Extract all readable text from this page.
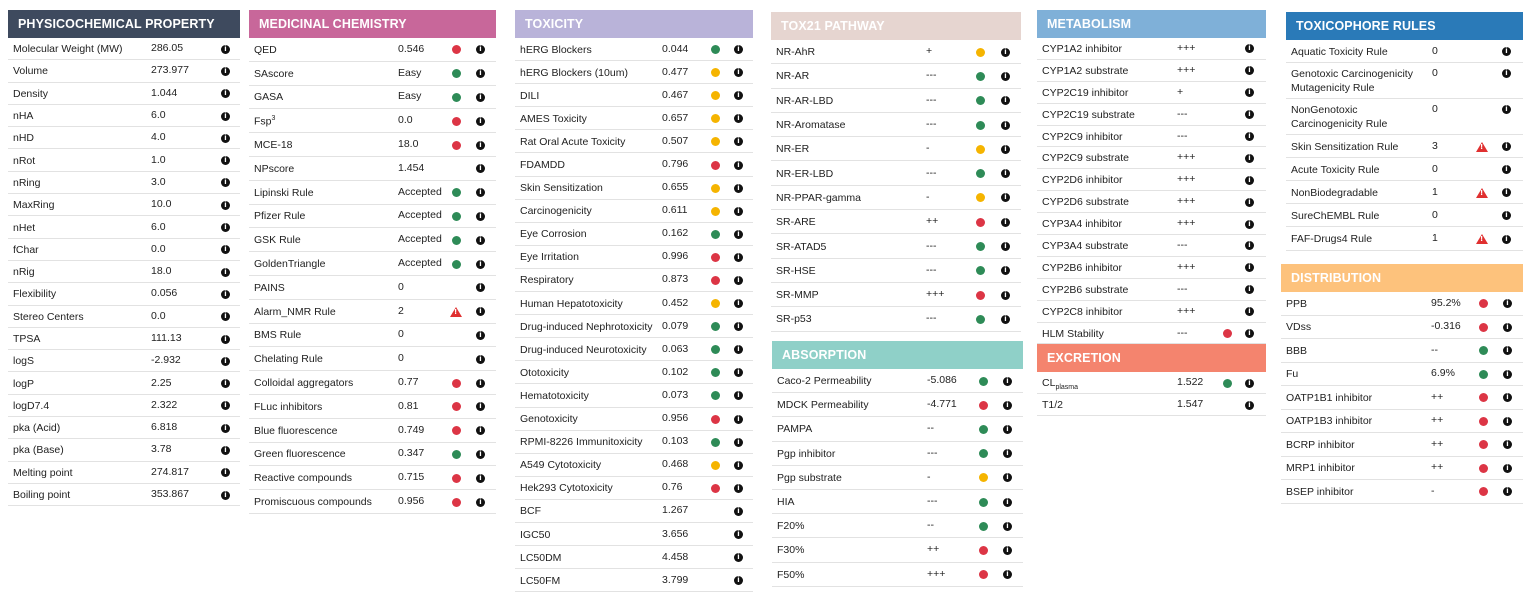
PHYSICOCHEMICAL PROPERTY
Molecular Weight (MW)	286.05	i
Volume	273.977	i
Density	1.044	i
nHA	6.0	i
nHD	4.0	i
nRot	1.0	i
nRing	3.0	i
MaxRing	10.0	i
nHet	6.0	i
fChar	0.0	i
nRig	18.0	i
Flexibility	0.056	i
Stereo Centers	0.0	i
TPSA	111.13	i
logS	-2.932	i
logP	2.25	i
logD7.4	2.322	i
pka (Acid)	6.818	i
pka (Base)	3.78	i
Melting point	274.817	i
Boiling point	353.867	i
MEDICINAL CHEMISTRY
QED	0.546	i
SAscore	Easy	i
GASA	Easy	i
Fsp$^3$	0.0	i
MCE-18	18.0	i
NPscore	1.454	i
Lipinski Rule	Accepted	i
Pfizer Rule	Accepted	i
GSK Rule	Accepted	i
GoldenTriangle	Accepted	i
PAINS	0	i
Alarm_NMR Rule	2 !	i
BMS Rule	0	i
Chelating Rule	0	i
Colloidal aggregators	0.77	i
FLuc inhibitors	0.81	i
Blue fluorescence	0.749	i
Green fluorescence	0.347	i
Reactive compounds	0.715	i
Promiscuous compounds	0.956	i
TOXICITY
hERG Blockers	0.044	i
hERG Blockers (10um)	0.477	i
DILI	0.467	i
AMES Toxicity	0.657	i
Rat Oral Acute Toxicity	0.507	i
FDAMDD	0.796	i
Skin Sensitization	0.655	i
Carcinogenicity	0.611	i
Eye Corrosion	0.162	i
Eye Irritation	0.996	i
Respiratory	0.873	i
Human Hepatotoxicity	0.452	i
Drug-induced Nephrotoxicity 0.079	i
Drug-induced Neurotoxicity	0.063	i
Ototoxicity	0.102	i
Hematotoxicity	0.073	i
Genotoxicity	0.956	i
RPMI-8226 Immunitoxicity	0.103	i
A549 Cytotoxicity	0.468	i
Hek293 Cytotoxicity	0.76	i
BCF	1.267	i
IGC50	3.656	i
LC50DM	4.458	i
LC50FM	3.799	i
TOX21 PATHWAY
NR-AhR	+	i
NR-AR	---	i
NR-AR-LBD	---	i
NR-Aromatase	---	i
NR-ER	-	i
NR-ER-LBD	---	i
NR-PPAR-gamma	-	i
SR-ARE	++	i
SR-ATAD5	---	i
SR-HSE	---	i
SR-MMP	+++	i
SR-p53	---	i
ABSORPTION
Caco-2 Permeability	-5.086	i
MDCK Permeability	-4.771	i
PAMPA	--	i
Pgp inhibitor	---	i
Pgp substrate	-	i
HIA	---	i
F20%	--	i
F30%	++	i
F50%	+++	i
METABOLISM
CYP1A2 inhibitor	+++	i
CYP1A2 substrate	+++	i
CYP2C19 inhibitor	+	i
CYP2C19 substrate	---	i
CYP2C9 inhibitor	---	i
CYP2C9 substrate	+++	i
CYP2D6 inhibitor	+++	i
CYP2D6 substrate	+++	i
CYP3A4 inhibitor	+++	i
CYP3A4 substrate	---	i
CYP2B6 inhibitor	+++	i
CYP2B6 substrate	---	i
CYP2C8 inhibitor	+++	i
HLM Stability	---	i
EXCRETION
$CL_{plasma}$	1.522	i
T1/2	1.547	i
TOXICOPHORE RULES
Aquatic Toxicity Rule	0	i
Genotoxic Carcinogenicity Mutagenicity Rule
0	i
NonGenotoxic Carcinogenicity Rule
0	i
Skin Sensitization Rule	3 !	i
Acute Toxicity Rule	0	i
NonBiodegradable	1 !	i
SureChEMBL Rule	0	i
FAF-Drugs4 Rule	1 !	i
DISTRIBUTION
PPB	95.2%	i
VDss	-0.316	i
BBB	--	i
Fu	6.9%	i
OATP1B1 inhibitor	++	i
OATP1B3 inhibitor	++	i
BCRP inhibitor	++	i
MRP1 inhibitor	++	i
BSEP inhibitor	-	i
